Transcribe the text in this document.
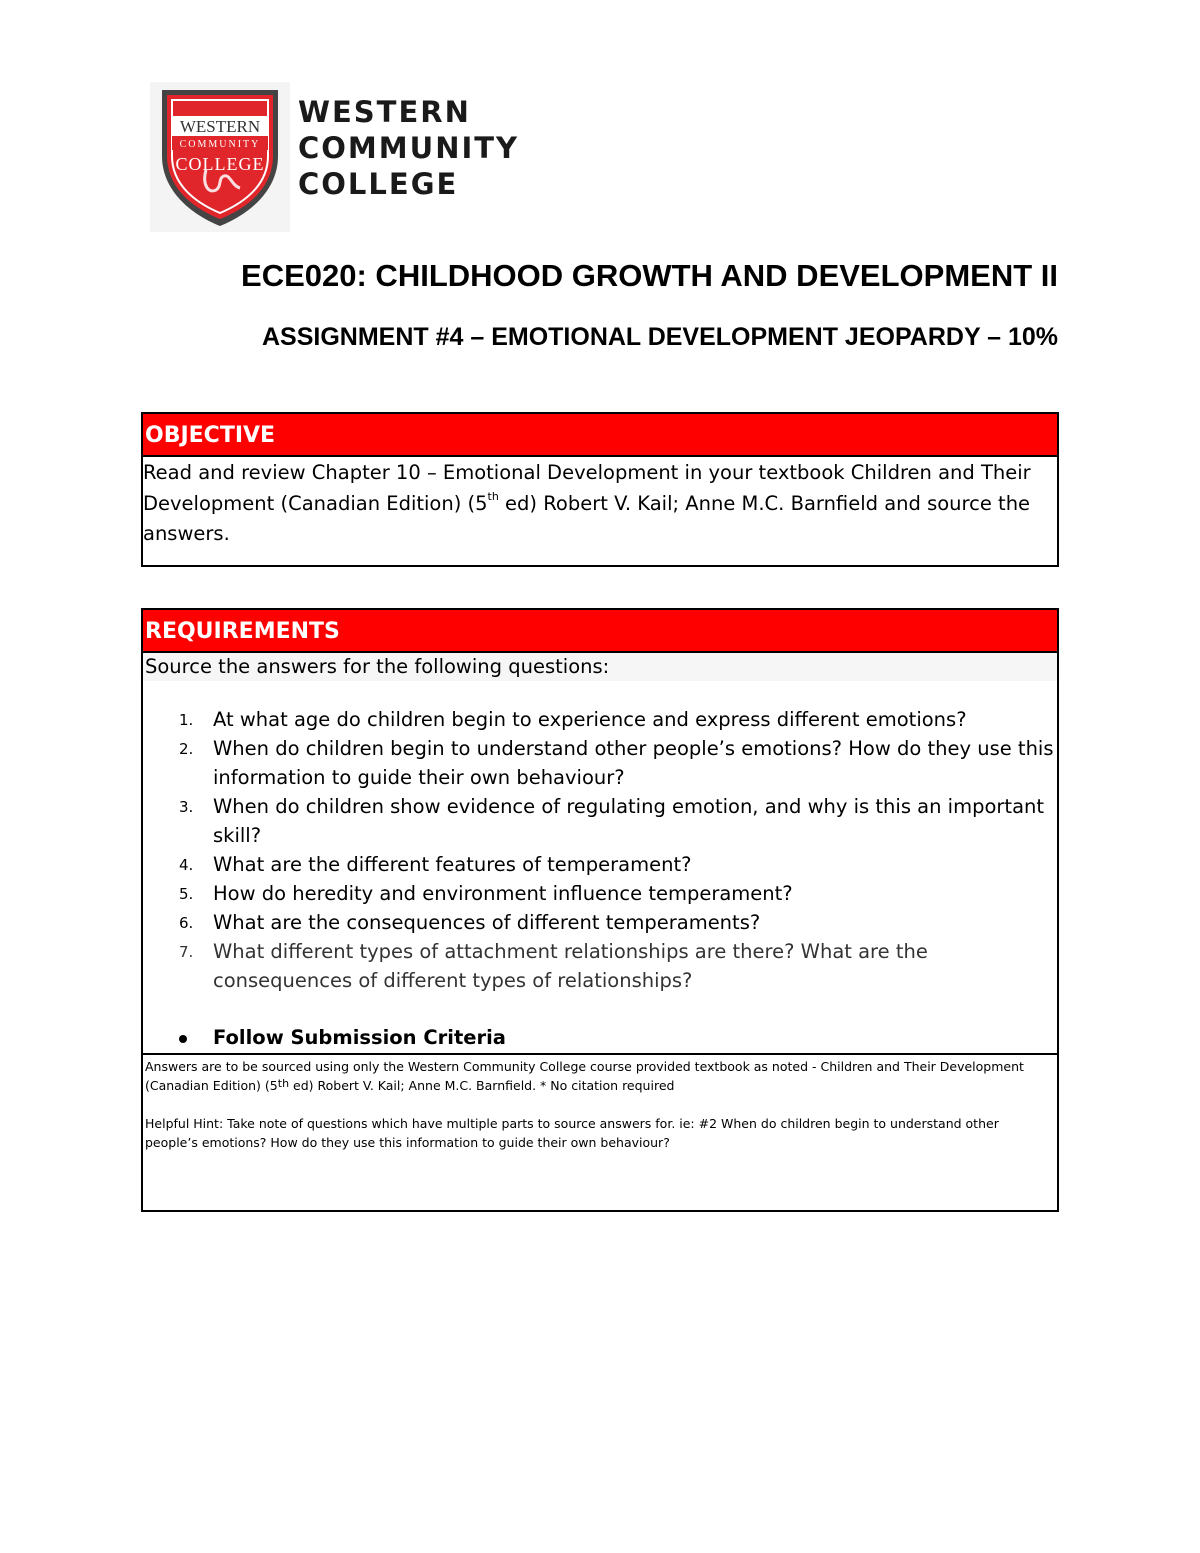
WESTERN
COMMUNITY
COLLEGE
WESTERN
COMMUNITY
COLLEGE
ECE020: CHILDHOOD GROWTH AND DEVELOPMENT II
ASSIGNMENT #4 – EMOTIONAL DEVELOPMENT JEOPARDY – 10%
OBJECTIVE
Read and review Chapter 10 – Emotional Development in your textbook Children and Their Development (Canadian Edition) (5th ed) Robert V. Kail; Anne M.C. Barnfield and source the answers.
REQUIREMENTS
Source the answers for the following questions:
1. At what age do children begin to experience and express different emotions?
2. When do children begin to understand other people’s emotions? How do they use this information to guide their own behaviour?
3. When do children show evidence of regulating emotion, and why is this an important skill?
4. What are the different features of temperament?
5. How do heredity and environment influence temperament?
6. What are the consequences of different temperaments?
7. What different types of attachment relationships are there? What are the consequences of different types of relationships?
Follow Submission Criteria

Answers are to be sourced using only the Western Community College course provided textbook as noted - Children and Their Development (Canadian Edition) (5th ed) Robert V. Kail; Anne M.C. Barnfield. * No citation required

Helpful Hint: Take note of questions which have multiple parts to source answers for. ie: #2 When do children begin to understand other people’s emotions? How do they use this information to guide their own behaviour?
